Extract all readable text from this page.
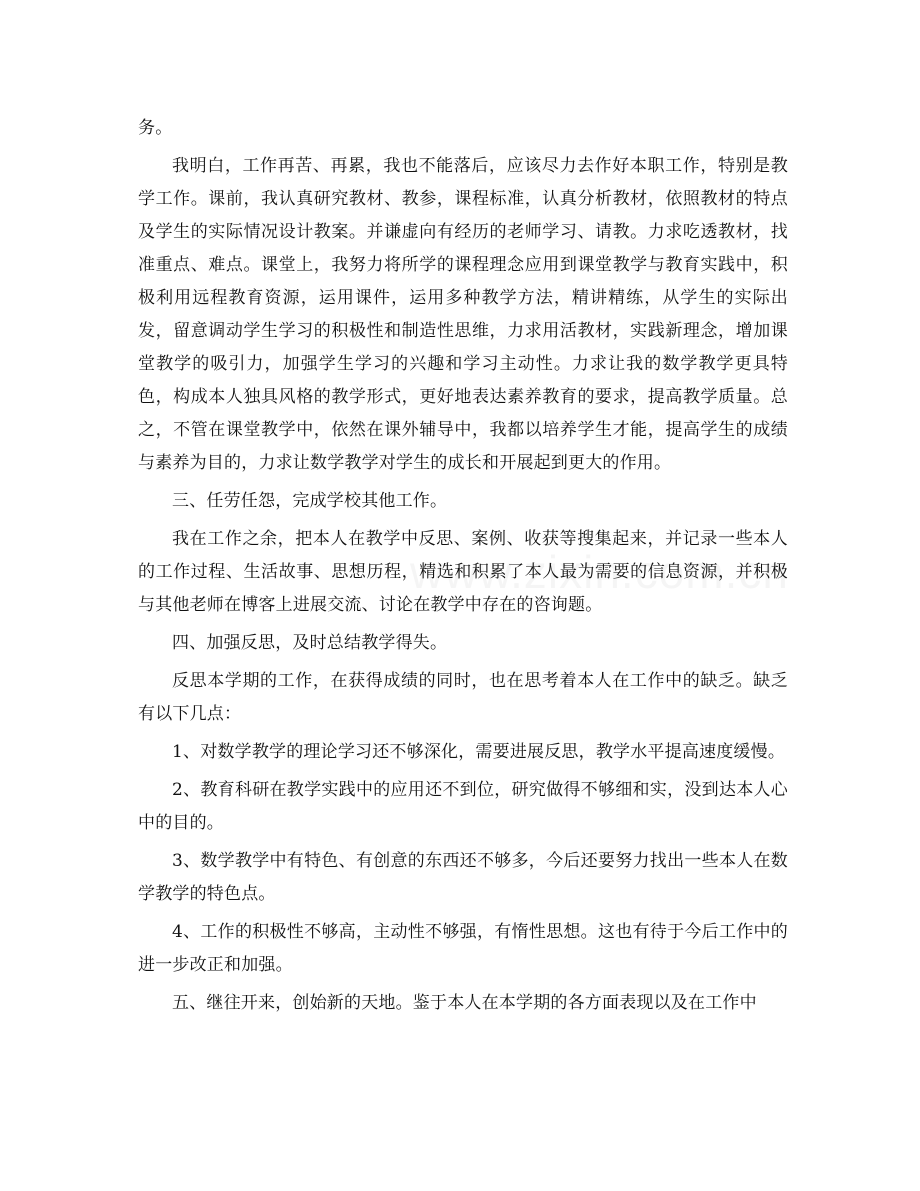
务。

我明白，工作再苦、再累，我也不能落后，应该尽力去作好本职工作，特别是教学工作。课前，我认真研究教材、教参，课程标准，认真分析教材，依照教材的特点及学生的实际情况设计教案。并谦虚向有经历的老师学习、请教。力求吃透教材，找准重点、难点。课堂上，我努力将所学的课程理念应用到课堂教学与教育实践中，积极利用远程教育资源，运用课件，运用多种教学方法，精讲精练，从学生的实际出发，留意调动学生学习的积极性和制造性思维，力求用活教材，实践新理念，增加课堂教学的吸引力，加强学生学习的兴趣和学习主动性。力求让我的数学教学更具特色，构成本人独具风格的教学形式，更好地表达素养教育的要求，提高教学质量。总之，不管在课堂教学中，依然在课外辅导中，我都以培养学生才能，提高学生的成绩与素养为目的，力求让数学教学对学生的成长和开展起到更大的作用。

三、任劳任怨，完成学校其他工作。

我在工作之余，把本人在教学中反思、案例、收获等搜集起来，并记录一些本人的工作过程、生活故事、思想历程，精选和积累了本人最为需要的信息资源，并积极与其他老师在博客上进展交流、讨论在教学中存在的咨询题。

四、加强反思，及时总结教学得失。

反思本学期的工作，在获得成绩的同时，也在思考着本人在工作中的缺乏。缺乏有以下几点：

1、对数学教学的理论学习还不够深化，需要进展反思，教学水平提高速度缓慢。

2、教育科研在教学实践中的应用还不到位，研究做得不够细和实，没到达本人心中的目的。

3、数学教学中有特色、有创意的东西还不够多，今后还要努力找出一些本人在数学教学的特色点。

4、工作的积极性不够高，主动性不够强，有惰性思想。这也有待于今后工作中的进一步改正和加强。

五、继往开来，创始新的天地。鉴于本人在本学期的各方面表现以及在工作中
